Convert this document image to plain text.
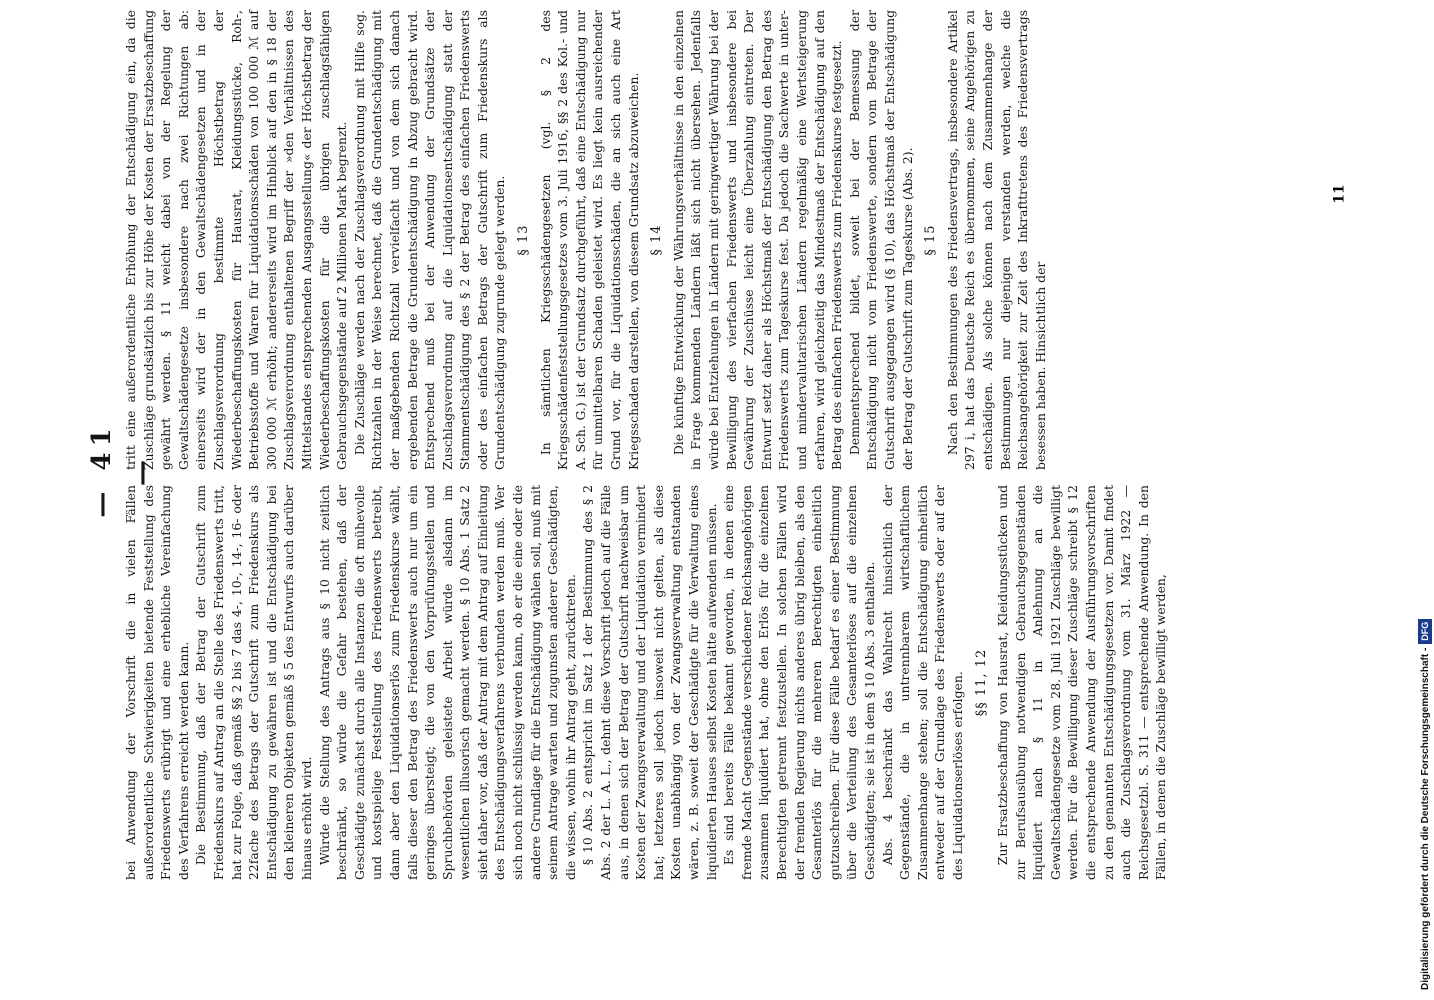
bei Anwendung der Vorschrift die in vielen Fällen außerordentliche Schwierigkeiten bietende Feststellung des Friedenswerts erübrigt und eine erhebliche Vereinfachung des Verfahrens erreicht werden kann. Die Bestimmung, daß der Betrag der Gutschrift zum Friedenskurs auf Antrag an die Stelle des Friedenswerts tritt, hat zur Folge, daß gemäß §§ 2 bis 7 das 4-, 10-, 14-, 16- oder 22fache des Betrags der Gutschrift zum Friedenskurs als Entschädigung zu gewähren ist und die Entschädigung bei den kleineren Objekten gemäß § 5 des Entwurfs auch darüber hinaus erhöht wird. Würde die Stellung des Antrags aus § 10 nicht zeitlich beschränkt, so würde die Gefahr bestehen, daß der Geschädigte zunächst durch alle Instanzen die oft mühevolle und kostspielige Feststellung des Friedenswerts betreibt, dann aber den Liquidationserlös zum Friedenskurse wählt, falls dieser den Betrag des Friedenswerts auch nur um ein geringes übersteigt; die von den Vorprüfungsstellen und Spruchbehörden geleistete Arbeit würde alsdann im wesentlichen illusorisch gemacht werden. § 10 Abs. 1 Satz 2 sieht daher vor, daß der Antrag mit dem Antrag auf Einleitung des Entschädigungsverfahrens verbunden werden muß. Wer sich noch nicht schlüssig werden kann, ob er die eine oder die andere Grundlage für die Entschädigung wählen soll, muß mit seinem Antrage warten und zugunsten anderer Geschädigten, die wissen, wohin ihr Antrag geht, zurücktreten. § 10 Abs. 2 entspricht im Satz 1 der Bestimmung des § 2 Abs. 2 der L. A. L., dehnt diese Vorschrift jedoch auf die Fälle aus, in denen sich der Betrag der Gutschrift nachweisbar um Kosten der Zwangsverwaltung und der Liquidation vermindert hat; letzteres soll jedoch insoweit nicht gelten, als diese Kosten unabhängig von der Zwangsverwaltung entstanden wären, z. B. soweit der Geschädigte für die Verwaltung eines liquidierten Hauses selbst Kosten hätte aufwenden müssen. Es sind bereits Fälle bekannt geworden, in denen eine fremde Macht Gegenstände verschiedener Reichsangehörigen zusammen liquidiert hat, ohne den Erlös für die einzelnen Berechtigten getrennt festzustellen. In solchen Fällen wird der fremden Regierung nichts anderes übrig bleiben, als den Gesamterlös für die mehreren Berechtigten einheitlich gutzuschreiben. Für diese Fälle bedarf es einer Bestimmung über die Verteilung des Gesamterlöses auf die einzelnen Geschädigten; sie ist in dem § 10 Abs. 3 enthalten. Abs. 4 beschränkt das Wahlrecht hinsichtlich der Gegenstände, die in untrennbarem wirtschaftlichem Zusammenhange stehen; soll die Entschädigung einheitlich entweder auf der Grundlage des Friedenswerts oder auf der des Liquidationserlöses erfolgen. §§ 11, 12 Zur Ersatzbeschaffung von Hausrat, Kleidungsstücken und zur Berufsausübung notwendigen Gebrauchsgegenständen liquidiert nach § 11 in Anlehnung an die Gewaltschädengesetze vom 28. Juli 1921 Zuschläge bewilligt werden. Für die Bewilligung dieser Zuschläge schreibt § 12 die entsprechende Anwendung der Ausführungsvorschriften zu den genannten Entschädigungsgesetzen vor. Damit findet auch die Zuschlagsverordnung vom 31. März 1922 — Reichsgesetzbl. S. 311 — entsprechende Anwendung. In den Fällen, in denen die Zuschläge bewilligt werden,

— 41 —

tritt eine außerordentliche Erhöhung der Entschädigung ein, da die Zuschläge grundsätzlich bis zur Höhe der Kosten der Ersatzbeschaffung gewährt werden. § 11 weicht dabei von der Regelung der Gewaltschädengesetze insbesondere nach zwei Richtungen ab: einerseits wird der in den Gewaltschädengesetzen und in der Zuschlagsverordnung bestimmte Höchstbetrag der Wiederbeschaffungskosten für Hausrat, Kleidungsstücke, Roh-, Betriebsstoffe und Waren für Liquidationsschäden von 100 000 ℳ auf 300 000 ℳ erhöht; andererseits wird im Hinblick auf den in § 18 der Zuschlagsverordnung enthaltenen Begriff der »den Verhältnissen des Mittelstandes entsprechenden Ausgangsstellung« der Höchstbetrag der Wiederbeschaffungskosten für die übrigen zuschlagsfähigen Gebrauchsgegenstände auf 2 Millionen Mark begrenzt. Die Zuschläge werden nach der Zuschlagsverordnung mit Hilfe sog. Richtzahlen in der Weise berechnet, daß die Grundentschädigung mit der maßgebenden Richtzahl vervielfacht und von dem sich danach ergebenden Betrage die Grundentschädigung in Abzug gebracht wird. Entsprechend muß bei der Anwendung der Grundsätze der Zuschlagsverordnung auf die Liquidationsentschädigung statt der Stammentschädigung des § 2 der Betrag des einfachen Friedenswerts oder des einfachen Betrags der Gutschrift zum Friedenskurs als Grundentschädigung zugrunde gelegt werden. § 13 In sämtlichen Kriegsschädengesetzen (vgl. § 2 des Kriegsschädenfeststellungsgesetzes vom 3. Juli 1916, §§ 2 des Kol.- und A. Sch. G.) ist der Grundsatz durchgeführt, daß eine Entschädigung nur für unmittelbaren Schaden geleistet wird. Es liegt kein ausreichender Grund vor, für die Liquidationsschäden, die an sich auch eine Art Kriegsschaden darstellen, von diesem Grundsatz abzuweichen. § 14 Die künftige Entwicklung der Währungsverhältnisse in den einzelnen in Frage kommenden Ländern läßt sich nicht übersehen. Jedenfalls würde bei Entziehungen in Ländern mit geringwertiger Währung bei der Bewilligung des vierfachen Friedenswerts und insbesondere bei Gewährung der Zuschüsse leicht eine Überzahlung eintreten. Der Entwurf setzt daher als Höchstmaß der Entschädigung den Betrag des Friedenswerts zum Tageskurse fest. Da jedoch die Sachwerte in unter- und mindervalutarischen Ländern regelmäßig eine Wertsteigerung erfahren, wird gleichzeitig das Mindestmaß der Entschädigung auf den Betrag des einfachen Friedenswerts zum Friedenskurse festgesetzt. Demnentsprechend bildet, soweit bei der Bemessung der Entschädigung nicht vom Friedenswerte, sondern vom Betrage der Gutschrift ausgegangen wird (§ 10), das Höchstmaß der Entschädigung der Betrag der Gutschrift zum Tageskurse (Abs. 2). § 15 Nach den Bestimmungen des Friedensvertrags, insbesondere Artikel 297 i, hat das Deutsche Reich es übernommen, seine Angehörigen zu entschädigen. Als solche können nach dem Zusammenhange der Bestimmungen nur diejenigen verstanden werden, welche die Reichsangehörigkeit zur Zeit des Inkrafttretens des Friedensvertrags besessen haben. Hinsichtlich der

11
Digitalisierung gefördert durch die Deutsche Forschungsgemeinschaft -DFG
